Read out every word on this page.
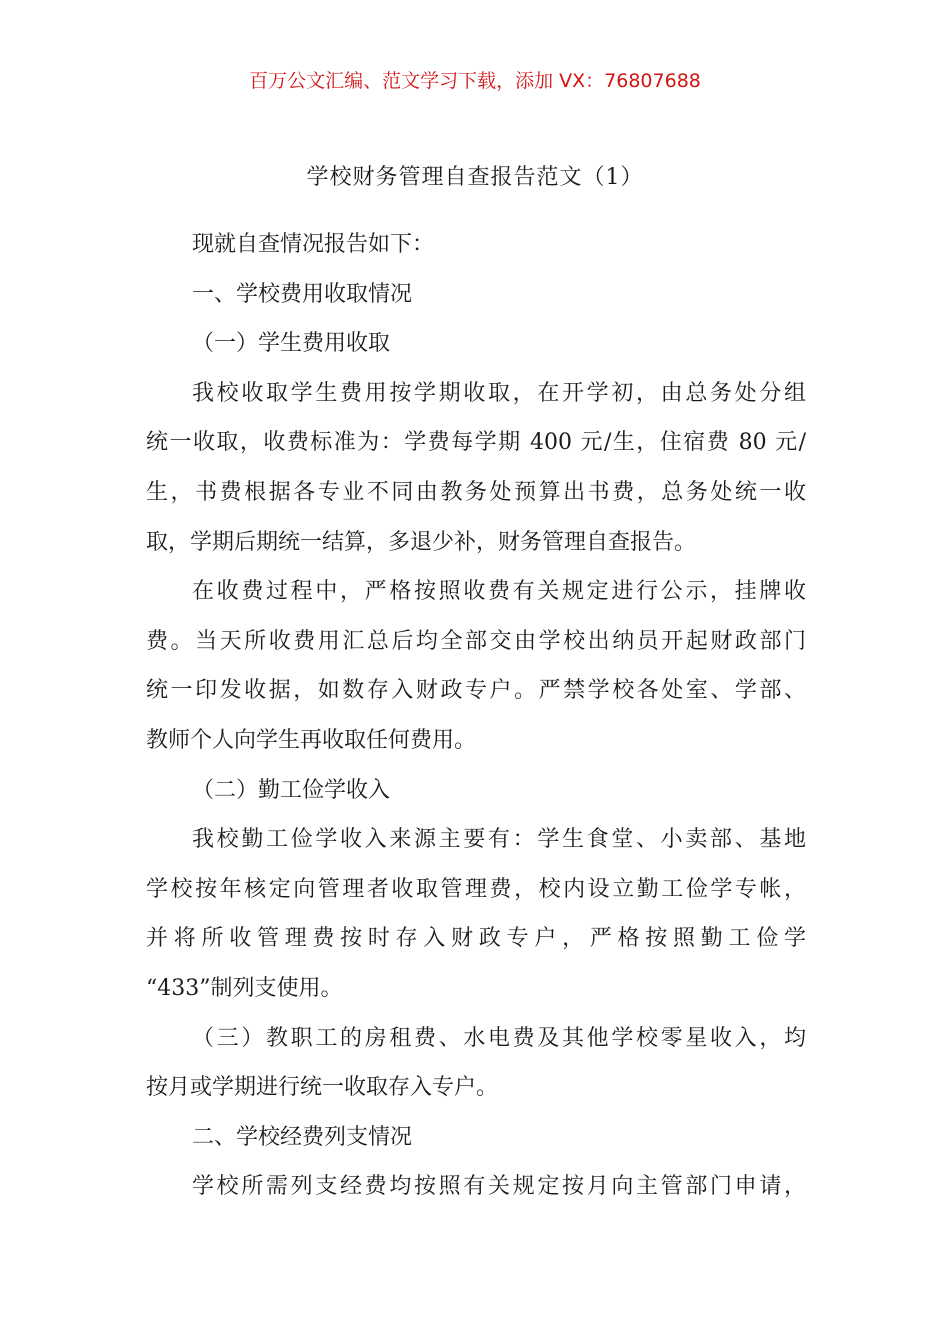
百万公文汇编、范文学习下载，添加 VX：76807688
学校财务管理自查报告范文（1）
现就自查情况报告如下：
一、学校费用收取情况
（一）学生费用收取
我校收取学生费用按学期收取，在开学初，由总务处分组
统一收取，收费标准为：学费每学期 400 元/生，住宿费 80 元/
生，书费根据各专业不同由教务处预算出书费，总务处统一收
取，学期后期统一结算，多退少补，财务管理自查报告。
在收费过程中，严格按照收费有关规定进行公示，挂牌收
费。当天所收费用汇总后均全部交由学校出纳员开起财政部门
统一印发收据，如数存入财政专户。严禁学校各处室、学部、
教师个人向学生再收取任何费用。
（二）勤工俭学收入
我校勤工俭学收入来源主要有：学生食堂、小卖部、基地
学校按年核定向管理者收取管理费，校内设立勤工俭学专帐，
并将所收管理费按时存入财政专户，严格按照勤工俭学
“433”制列支使用。
（三）教职工的房租费、水电费及其他学校零星收入，均
按月或学期进行统一收取存入专户。
二、学校经费列支情况
学校所需列支经费均按照有关规定按月向主管部门申请，
